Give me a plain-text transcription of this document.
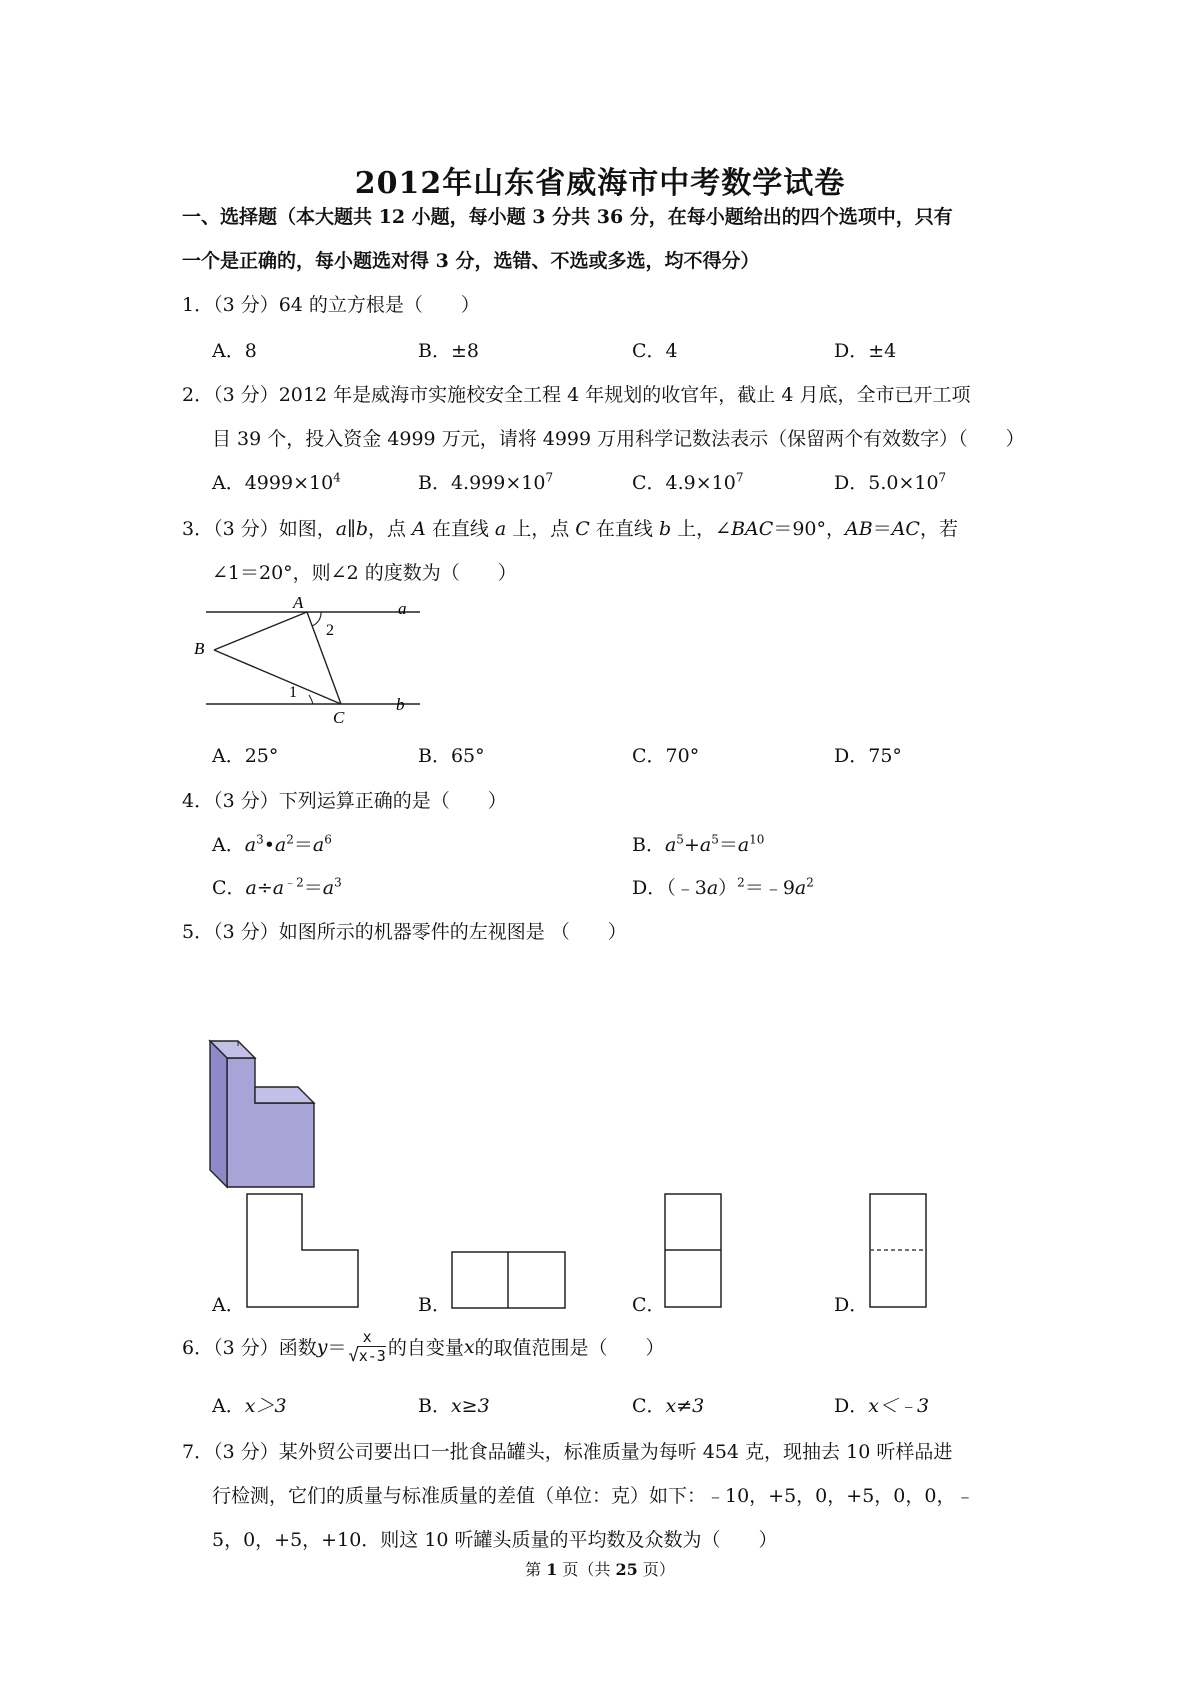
2012年山东省威海市中考数学试卷
一、选择题（本大题共 12 小题，每小题 3 分共 36 分，在每小题给出的四个选项中，只有
一个是正确的，每小题选对得 3 分，选错、不选或多选，均不得分）
1．（3 分）64 的立方根是（　　）
A．8	B．±8	C．4	D．±4
2．（3 分）2012 年是威海市实施校安全工程 4 年规划的收官年，截止 4 月底，全市已开工项
目 39 个，投入资金 4999 万元，请将 4999 万用科学记数法表示（保留两个有效数字）（　　）
A．$4999\times 10^4$	B．$4.999\times 10^7$	C．$4.9\times 10^7$	D．$5.0\times 10^7$
3．（3 分）如图，a∥b，点 A 在直线 a 上，点 C 在直线 b 上，∠BAC＝90°，AB＝AC，若
∠1＝20°，则∠2 的度数为（　　）
A
B
C
a
b
1
2
A．25°	B．65°	C．70°	D．75°
4．（3 分）下列运算正确的是（　　）
A．$a^3•a^2=a^6$	B．$a^5+a^5=a^{10}$
C．$a\div a^{﹣2}=a^3$	D．$(﹣3a)^2=﹣9a^2$
5．（3 分）如图所示的机器零件的左视图是 （　　）
A．	B．	C．	D．
6．（3 分）函数 y ＝	x
√x-3 的自变量 x 的取值范围是（　　）
A．x＞3	B．x≥3	C．x≠3	D．x＜﹣3
7．（3 分）某外贸公司要出口一批食品罐头，标准质量为每听 454 克，现抽去 10 听样品进
行检测，它们的质量与标准质量的差值（单位：克）如下：﹣10，+5，0，+5，0，0，﹣
5，0，+5，+10．则这 10 听罐头质量的平均数及众数为（　　）
第 1 页（共 25 页）
